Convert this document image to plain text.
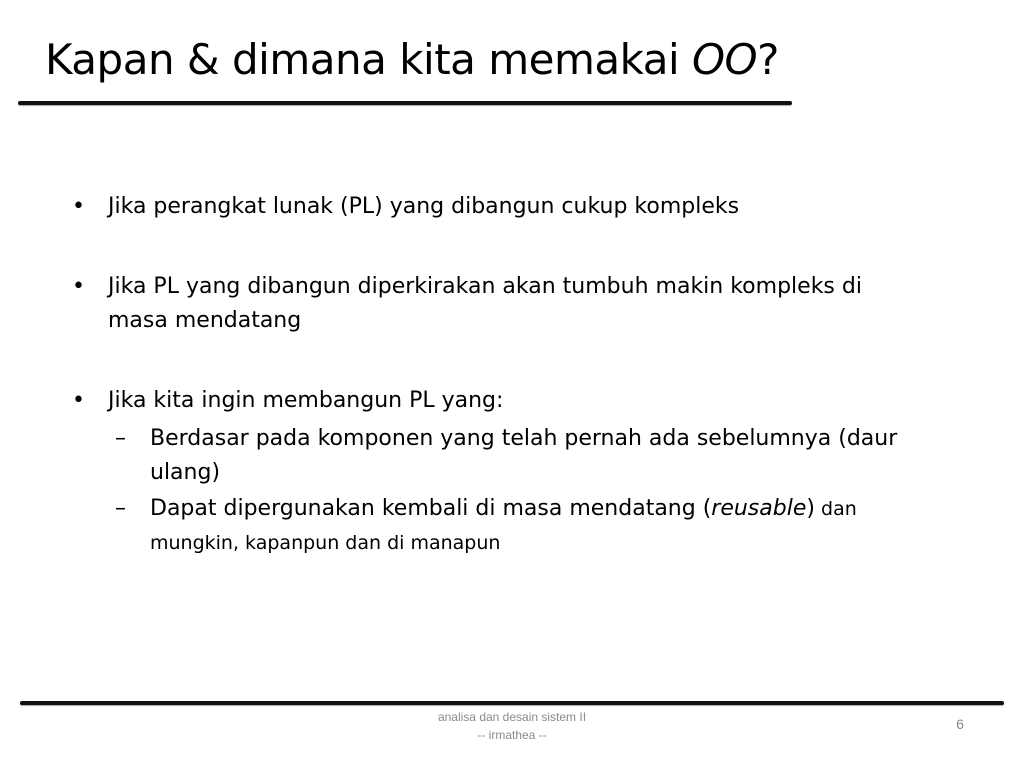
Kapan & dimana kita memakai OO?
• Jika perangkat lunak (PL) yang dibangun cukup kompleks
• Jika PL yang dibangun diperkirakan akan tumbuh makin kompleks di masa mendatang
• Jika kita ingin membangun PL yang:
– Berdasar pada komponen yang telah pernah ada sebelumnya (daur ulang)
– Dapat dipergunakan kembali di masa mendatang (reusable) dan mungkin, kapanpun dan di manapun
analisa dan desain sistem II
-- irmathea --
6
